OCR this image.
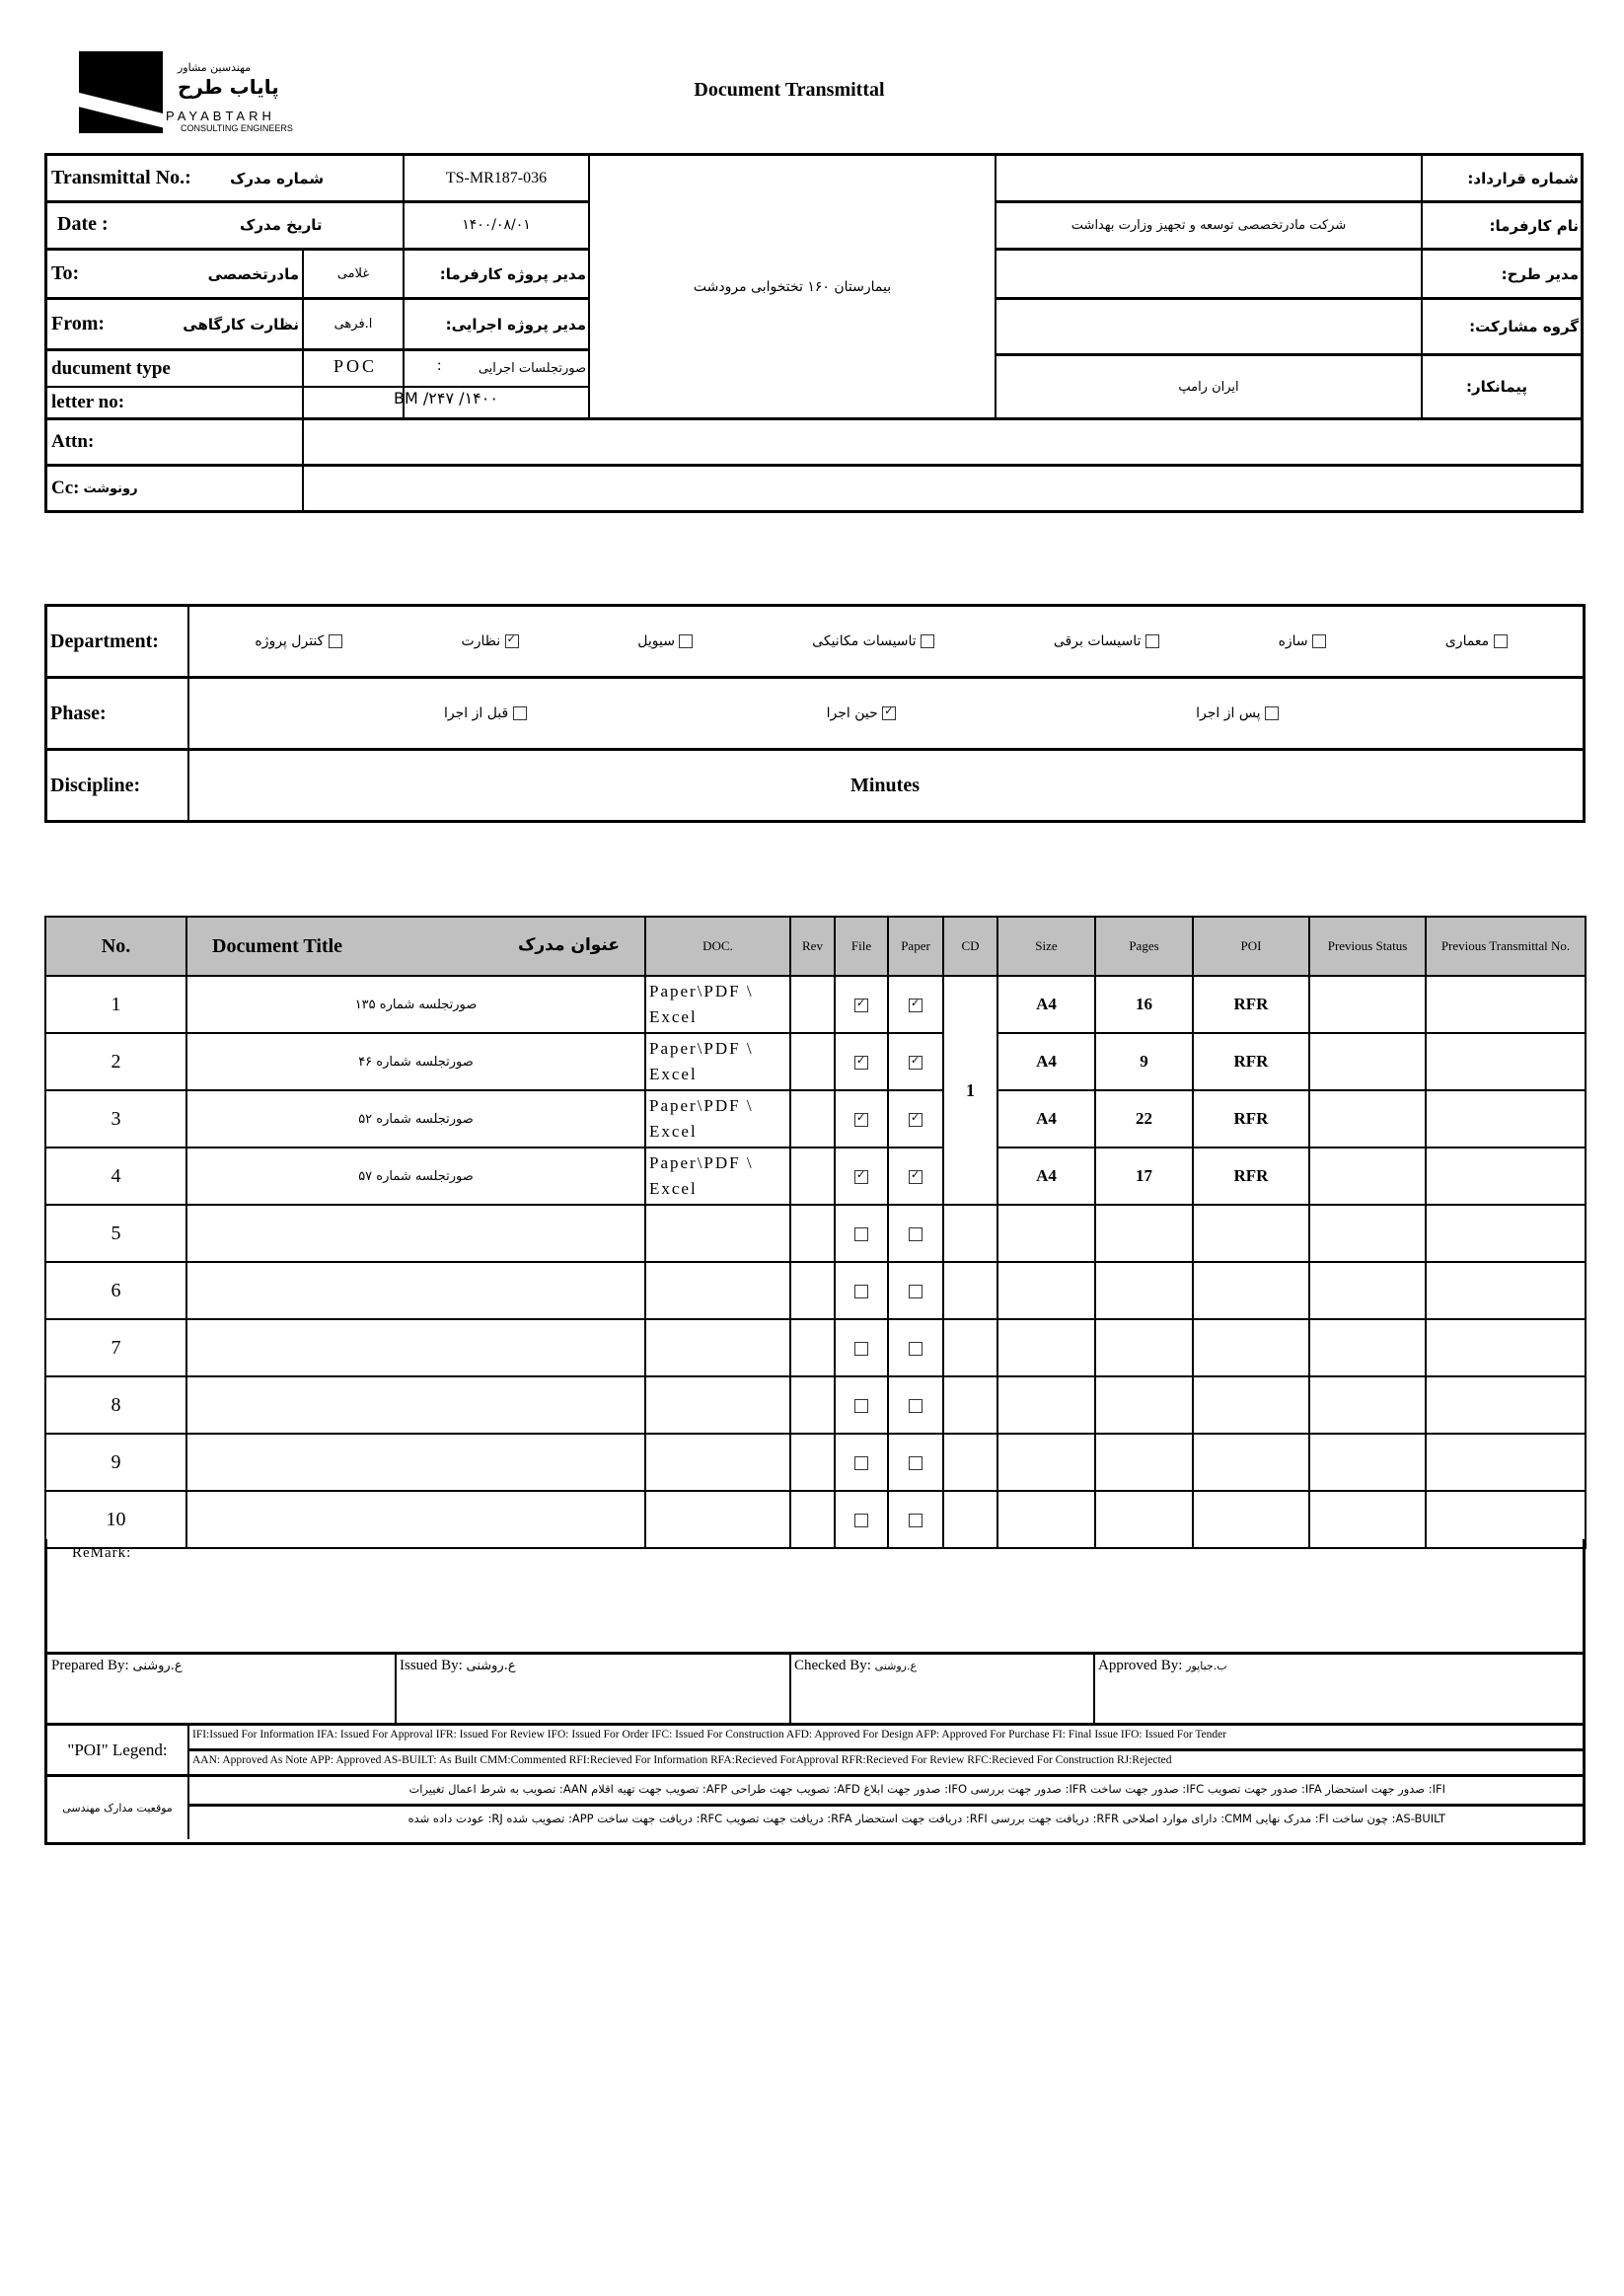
مهندسین مشاور
پایاب طرح
PAYABTARH
CONSULTING ENGINEERS
Document Transmittal
Transmittal No.:	شماره مدرک	TS-MR187-036
Date :	تاریخ مدرک	۱۴۰۰/۰۸/۰۱
To:	مادرتخصصی	غلامی	مدیر پروژه کارفرما:
From:	نظارت کارگاهی	ا.فرهی	مدیر پروژه اجرایی:
ducument type	POC	:	صورتجلسات اجرایی
letter no:	BM /۲۴۷ /۱۴۰۰
بیمارستان ۱۶۰ تختخوابی مرودشت
شماره قرارداد:
نام کارفرما:
شرکت مادرتخصصی توسعه و تجهیز وزارت بهداشت
مدیر طرح:
گروه مشارکت:
پیمانکار:
ایران رامپ
Attn:
Cc: رونوشت
Department:	معماری
سازه
تاسیسات برقی
تاسیسات مکانیکی
سیویل
✓ نظارت
کنترل پروژه
Phase:	پس از اجرا
✓ حین اجرا
قبل از اجرا
Discipline:	Minutes
No.	Document Title عنوان مدرک	DOC.	Rev	File	Paper	CD	Size	Pages	POI	Previous Status	Previous Transmittal No.
1	صورتجلسه شماره ۱۳۵	Paper\PDF \ Excel		✓	✓	1	A4	16	RFR		
2	صورتجلسه شماره ۴۶	Paper\PDF \ Excel		✓	✓		A4	9	RFR		
3	صورتجلسه شماره ۵۲	Paper\PDF \ Excel		✓	✓		A4	22	RFR		
4	صورتجلسه شماره ۵۷	Paper\PDF \ Excel		✓	✓		A4	17	RFR		
5											
6											
7											
8											
9											
10											
ReMark:
Prepared By: ع.روشنی	Issued By: ع.روشنی	Checked By: ع.روشنی	Approved By: ب.جباپور
"POI" Legend:
IFI:Issued For Information IFA: Issued For Approval IFR: Issued For Review IFO: Issued For Order IFC: Issued For Construction AFD: Approved For Design AFP: Approved For Purchase FI: Final Issue IFO: Issued For Tender
AAN: Approved As Note APP: Approved AS-BUILT: As Built CMM:Commented RFI:Recieved For Information RFA:Recieved ForApproval RFR:Recieved For Review RFC:Recieved For Construction RJ:Rejected
موقعیت مدارک مهندسی
IFI: صدور جهت استحضار IFA: صدور جهت تصویب IFC: صدور جهت ساخت IFR: صدور جهت بررسی IFO: صدور جهت ابلاغ AFD: تصویب جهت طراحی AFP: تصویب جهت تهیه اقلام AAN: تصویب به شرط اعمال تغییرات
AS-BUILT: چون ساخت FI: مدرک نهایی CMM: دارای موارد اصلاحی RFR: دریافت جهت بررسی RFI: دریافت جهت استحضار RFA: دریافت جهت تصویب RFC: دریافت جهت ساخت APP: تصویب شده RJ: عودت داده شده
